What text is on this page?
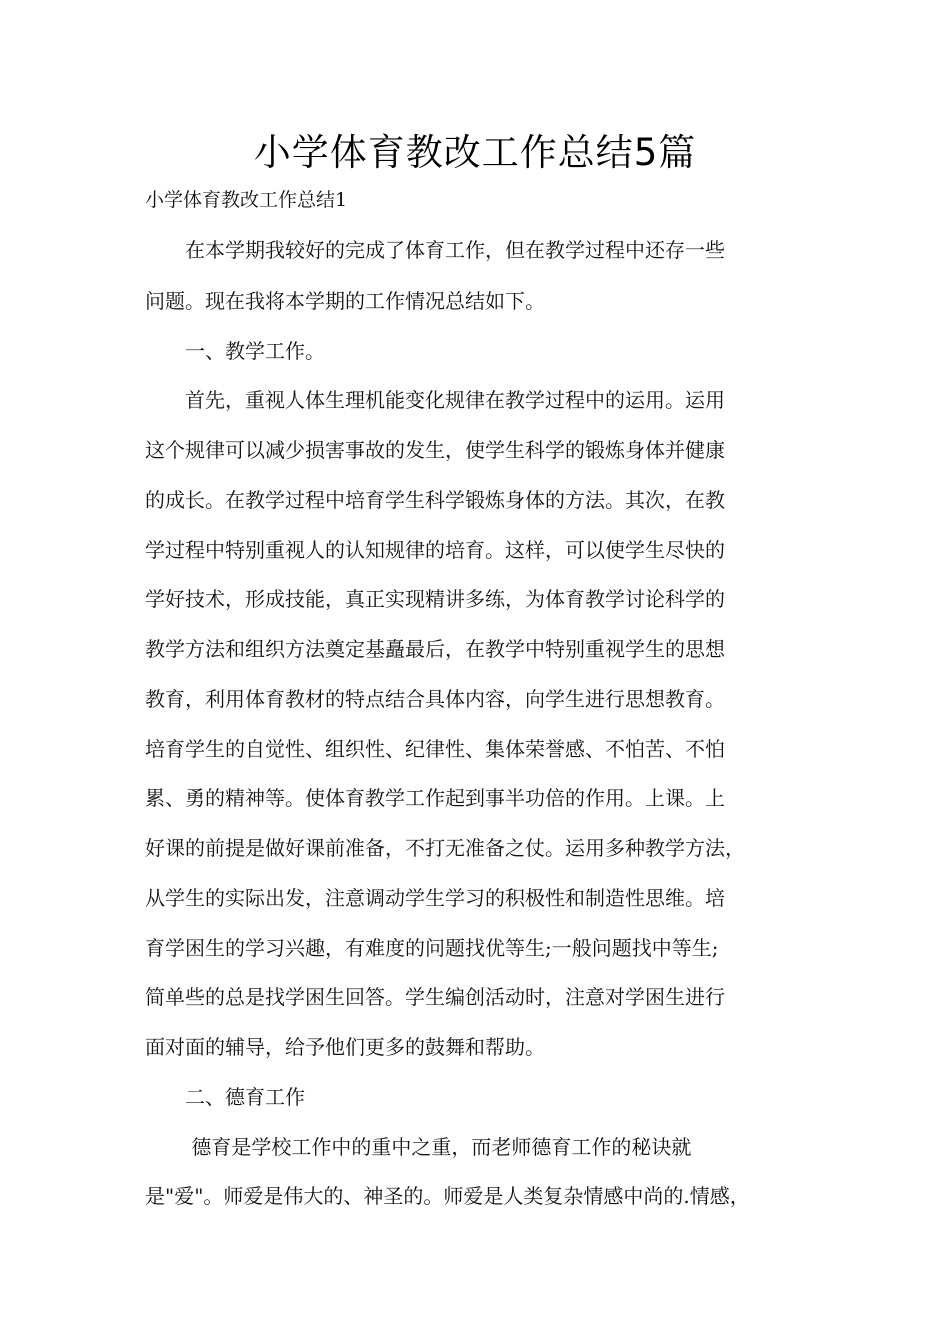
小学体育教改工作总结5篇
小学体育教改工作总结1
　　在本学期我较好的完成了体育工作，但在教学过程中还存一些
问题。现在我将本学期的工作情况总结如下。
　　一、教学工作。
　　首先，重视人体生理机能变化规律在教学过程中的运用。运用
这个规律可以减少损害事故的发生，使学生科学的锻炼身体并健康
的成长。在教学过程中培育学生科学锻炼身体的方法。其次，在教
学过程中特别重视人的认知规律的培育。这样，可以使学生尽快的
学好技术，形成技能，真正实现精讲多练，为体育教学讨论科学的
教学方法和组织方法奠定基矗最后，在教学中特别重视学生的思想
教育，利用体育教材的特点结合具体内容，向学生进行思想教育。
培育学生的自觉性、组织性、纪律性、集体荣誉感、不怕苦、不怕
累、勇的精神等。使体育教学工作起到事半功倍的作用。上课。上
好课的前提是做好课前准备，不打无准备之仗。运用多种教学方法，
从学生的实际出发，注意调动学生学习的积极性和制造性思维。培
育学困生的学习兴趣，有难度的问题找优等生;一般问题找中等生;
简单些的总是找学困生回答。学生编创活动时，注意对学困生进行
面对面的辅导，给予他们更多的鼓舞和帮助。
　　二、德育工作
　　 德育是学校工作中的重中之重，而老师德育工作的秘诀就
是"爱"。师爱是伟大的、神圣的。师爱是人类复杂情感中尚的.情感，
